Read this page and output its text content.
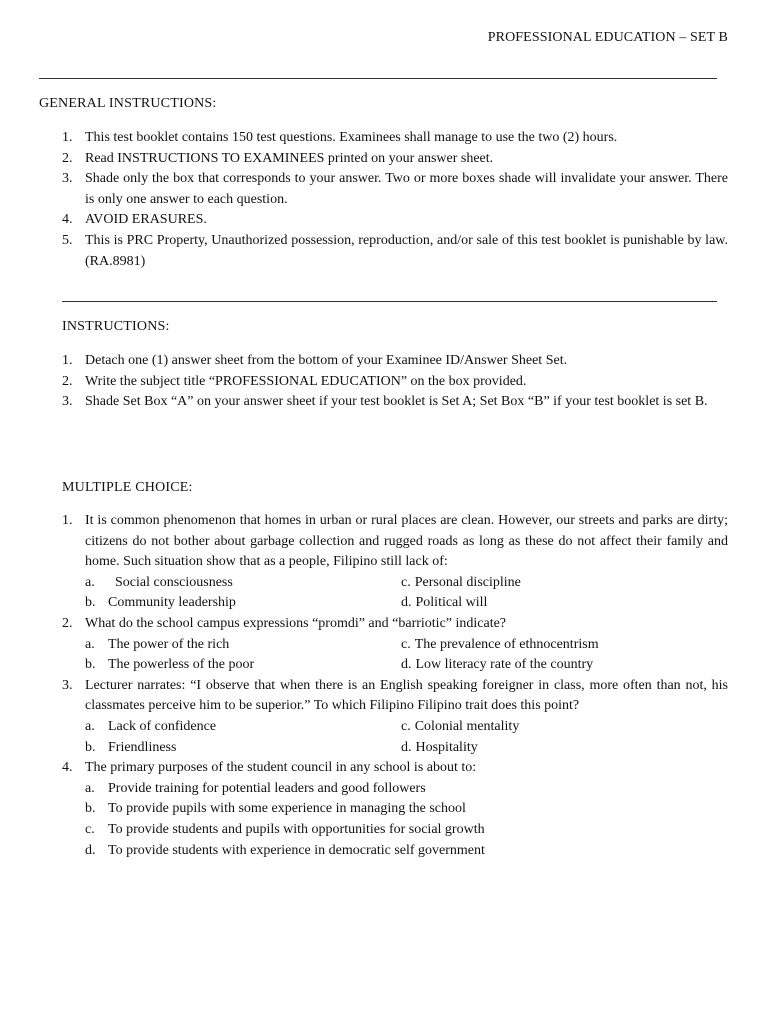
PROFESSIONAL EDUCATION – SET B
GENERAL INSTRUCTIONS:
1. This test booklet contains 150 test questions. Examinees shall manage to use the two (2) hours.
2. Read INSTRUCTIONS TO EXAMINEES printed on your answer sheet.
3. Shade only the box that corresponds to your answer. Two or more boxes shade will invalidate your answer. There is only one answer to each question.
4. AVOID ERASURES.
5. This is PRC Property, Unauthorized possession, reproduction, and/or sale of this test booklet is punishable by law. (RA.8981)
INSTRUCTIONS:
1. Detach one (1) answer sheet from the bottom of your Examinee ID/Answer Sheet Set.
2. Write the subject title “PROFESSIONAL EDUCATION” on the box provided.
3. Shade Set Box “A” on your answer sheet if your test booklet is Set A; Set Box “B” if your test booklet is set B.
MULTIPLE CHOICE:
1. It is common phenomenon that homes in urban or rural places are clean. However, our streets and parks are dirty; citizens do not bother about garbage collection and rugged roads as long as these do not affect their family and home. Such situation show that as a people, Filipino still lack of:
a. Social consciousness
b. Community leadership
c. Personal discipline
d. Political will
2. What do the school campus expressions “promdi” and “barriotic” indicate?
a. The power of the rich
b. The powerless of the poor
c. The prevalence of ethnocentrism
d. Low literacy rate of the country
3. Lecturer narrates: “I observe that when there is an English speaking foreigner in class, more often than not, his classmates perceive him to be superior.” To which Filipino Filipino trait does this point?
a. Lack of confidence
b. Friendliness
c. Colonial mentality
d. Hospitality
4. The primary purposes of the student council in any school is about to:
a. Provide training for potential leaders and good followers
b. To provide pupils with some experience in managing the school
c. To provide students and pupils with opportunities for social growth
d. To provide students with experience in democratic self government
